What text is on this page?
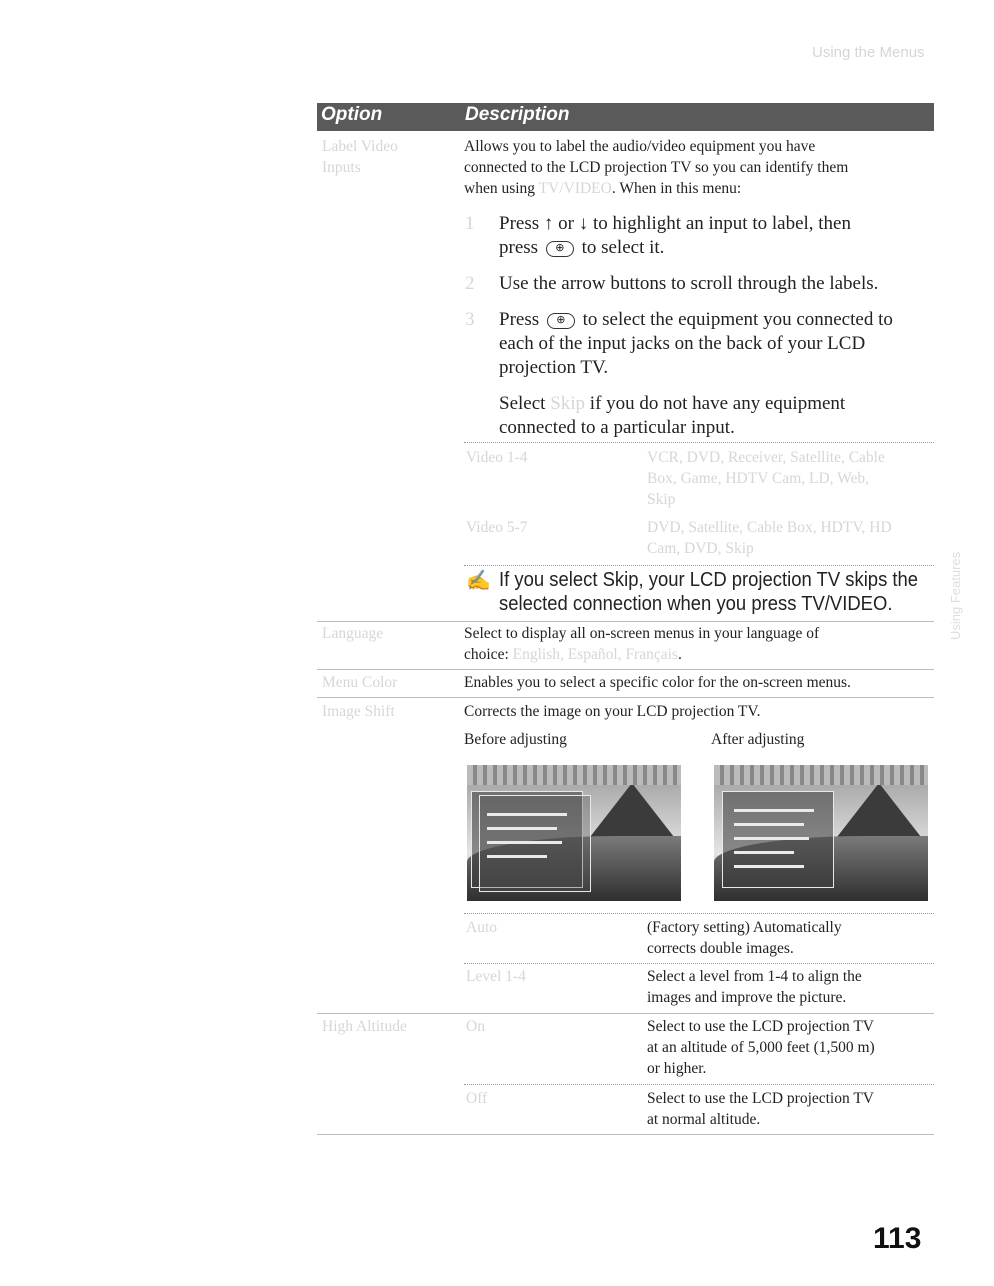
Using the Menus
Option	Description
Label Video
Inputs
Allows you to label the audio/video equipment you have
connected to the LCD projection TV so you can identify them
when using TV/VIDEO. When in this menu:
1 Press ↑ or ↓ to highlight an input to label, then
press ⊕ to select it.
2 Use the arrow buttons to scroll through the labels.
3 Press ⊕ to select the equipment you connected to
each of the input jacks on the back of your LCD
projection TV.
Select Skip if you do not have any equipment
connected to a particular input.
Video 1-4	VCR, DVD, Receiver, Satellite, Cable
Box, Game, HDTV Cam, LD, Web,
Skip
Video 5-7	DVD, Satellite, Cable Box, HDTV, HD
Cam, DVD, Skip
✍ If you select Skip, your LCD projection TV skips the
selected connection when you press TV/VIDEO.
Language	Select to display all on-screen menus in your language of
choice: English, Español, Français.
Menu Color	Enables you to select a specific color for the on-screen menus.
Image Shift	Corrects the image on your LCD projection TV.
Before adjusting	After adjusting
Auto	(Factory setting) Automatically
corrects double images.
Level 1-4	Select a level from 1-4 to align the
images and improve the picture.
High Altitude	On	Select to use the LCD projection TV
at an altitude of 5,000 feet (1,500 m)
or higher.
Off	Select to use the LCD projection TV
at normal altitude.
Using Features
113
